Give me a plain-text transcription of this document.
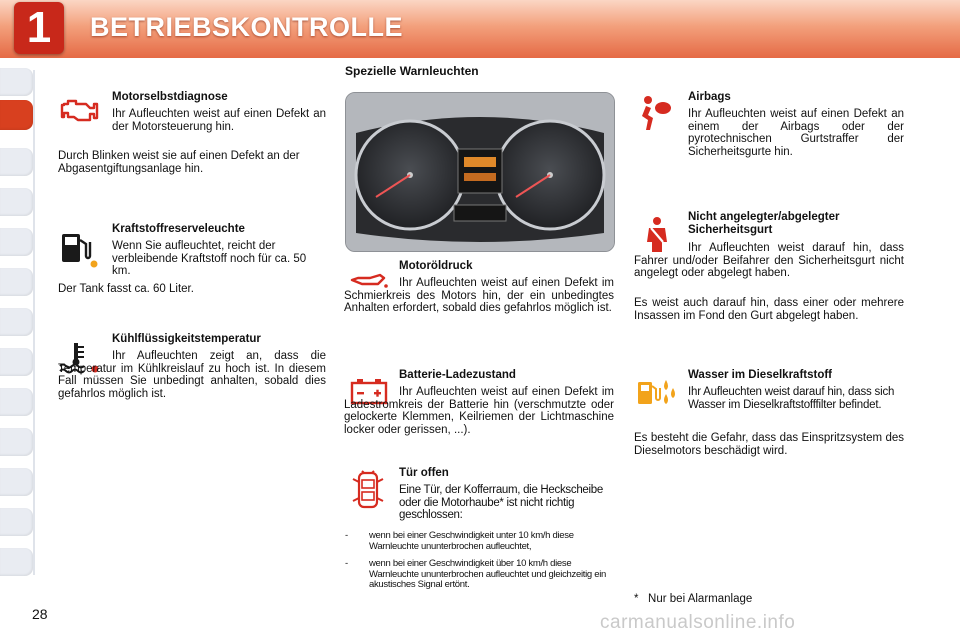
1	BETRIEBSKONTROLLE
Spezielle Warnleuchten
Motorselbstdiagnose
Ihr Aufleuchten weist auf einen Defekt an der Motorsteuerung hin.
Durch Blinken weist sie auf einen Defekt an der Abgasentgiftungsanlage hin.
Kraftstoffreserveleuchte
Wenn Sie aufleuchtet, reicht der verbleibende Kraftstoff noch für ca. 50 km.
Der Tank fasst ca. 60 Liter.
Kühlflüssigkeitstemperatur
Ihr Aufleuchten zeigt an, dass die Temperatur im Kühlkreislauf zu hoch ist. In diesem Fall müssen Sie unbedingt anhalten, sobald dies gefahrlos möglich ist.
Motoröldruck
Ihr Aufleuchten weist auf einen Defekt im Schmierkreis des Motors hin, der ein unbedingtes Anhalten erfordert, sobald dies gefahrlos möglich ist.
Batterie-Ladezustand
Ihr Aufleuchten weist auf einen Defekt im Ladestromkreis der Batterie hin (verschmutzte oder gelockerte Klemmen, Keilriemen der Lichtmaschine locker oder gerissen, ...).
Tür offen
Eine Tür, der Kofferraum, die Heckscheibe oder die Motorhaube* ist nicht richtig geschlossen:
- wenn bei einer Geschwindigkeit unter 10 km/h diese Warnleuchte ununterbrochen aufleuchtet,
- wenn bei einer Geschwindigkeit über 10 km/h diese Warnleuchte ununterbrochen aufleuchtet und gleichzeitig ein akustisches Signal ertönt.
Airbags
Ihr Aufleuchten weist auf einen Defekt an einem der Airbags oder der pyrotechnischen Gurtstraffer der Sicherheitsgurte hin.
Nicht angelegter/abgelegter Sicherheitsgurt
Ihr Aufleuchten weist darauf hin, dass Fahrer und/oder Beifahrer den Sicherheitsgurt nicht angelegt oder abgelegt haben.
Es weist auch darauf hin, dass einer oder mehrere Insassen im Fond den Gurt abgelegt haben.
Wasser im Dieselkraftstoff
Ihr Aufleuchten weist darauf hin, dass sich Wasser im Dieselkraftstofffilter befindet.
Es besteht die Gefahr, dass das Einspritzsystem des Dieselmotors beschädigt wird.
*   Nur bei Alarmanlage
28	carmanualsonline.info
